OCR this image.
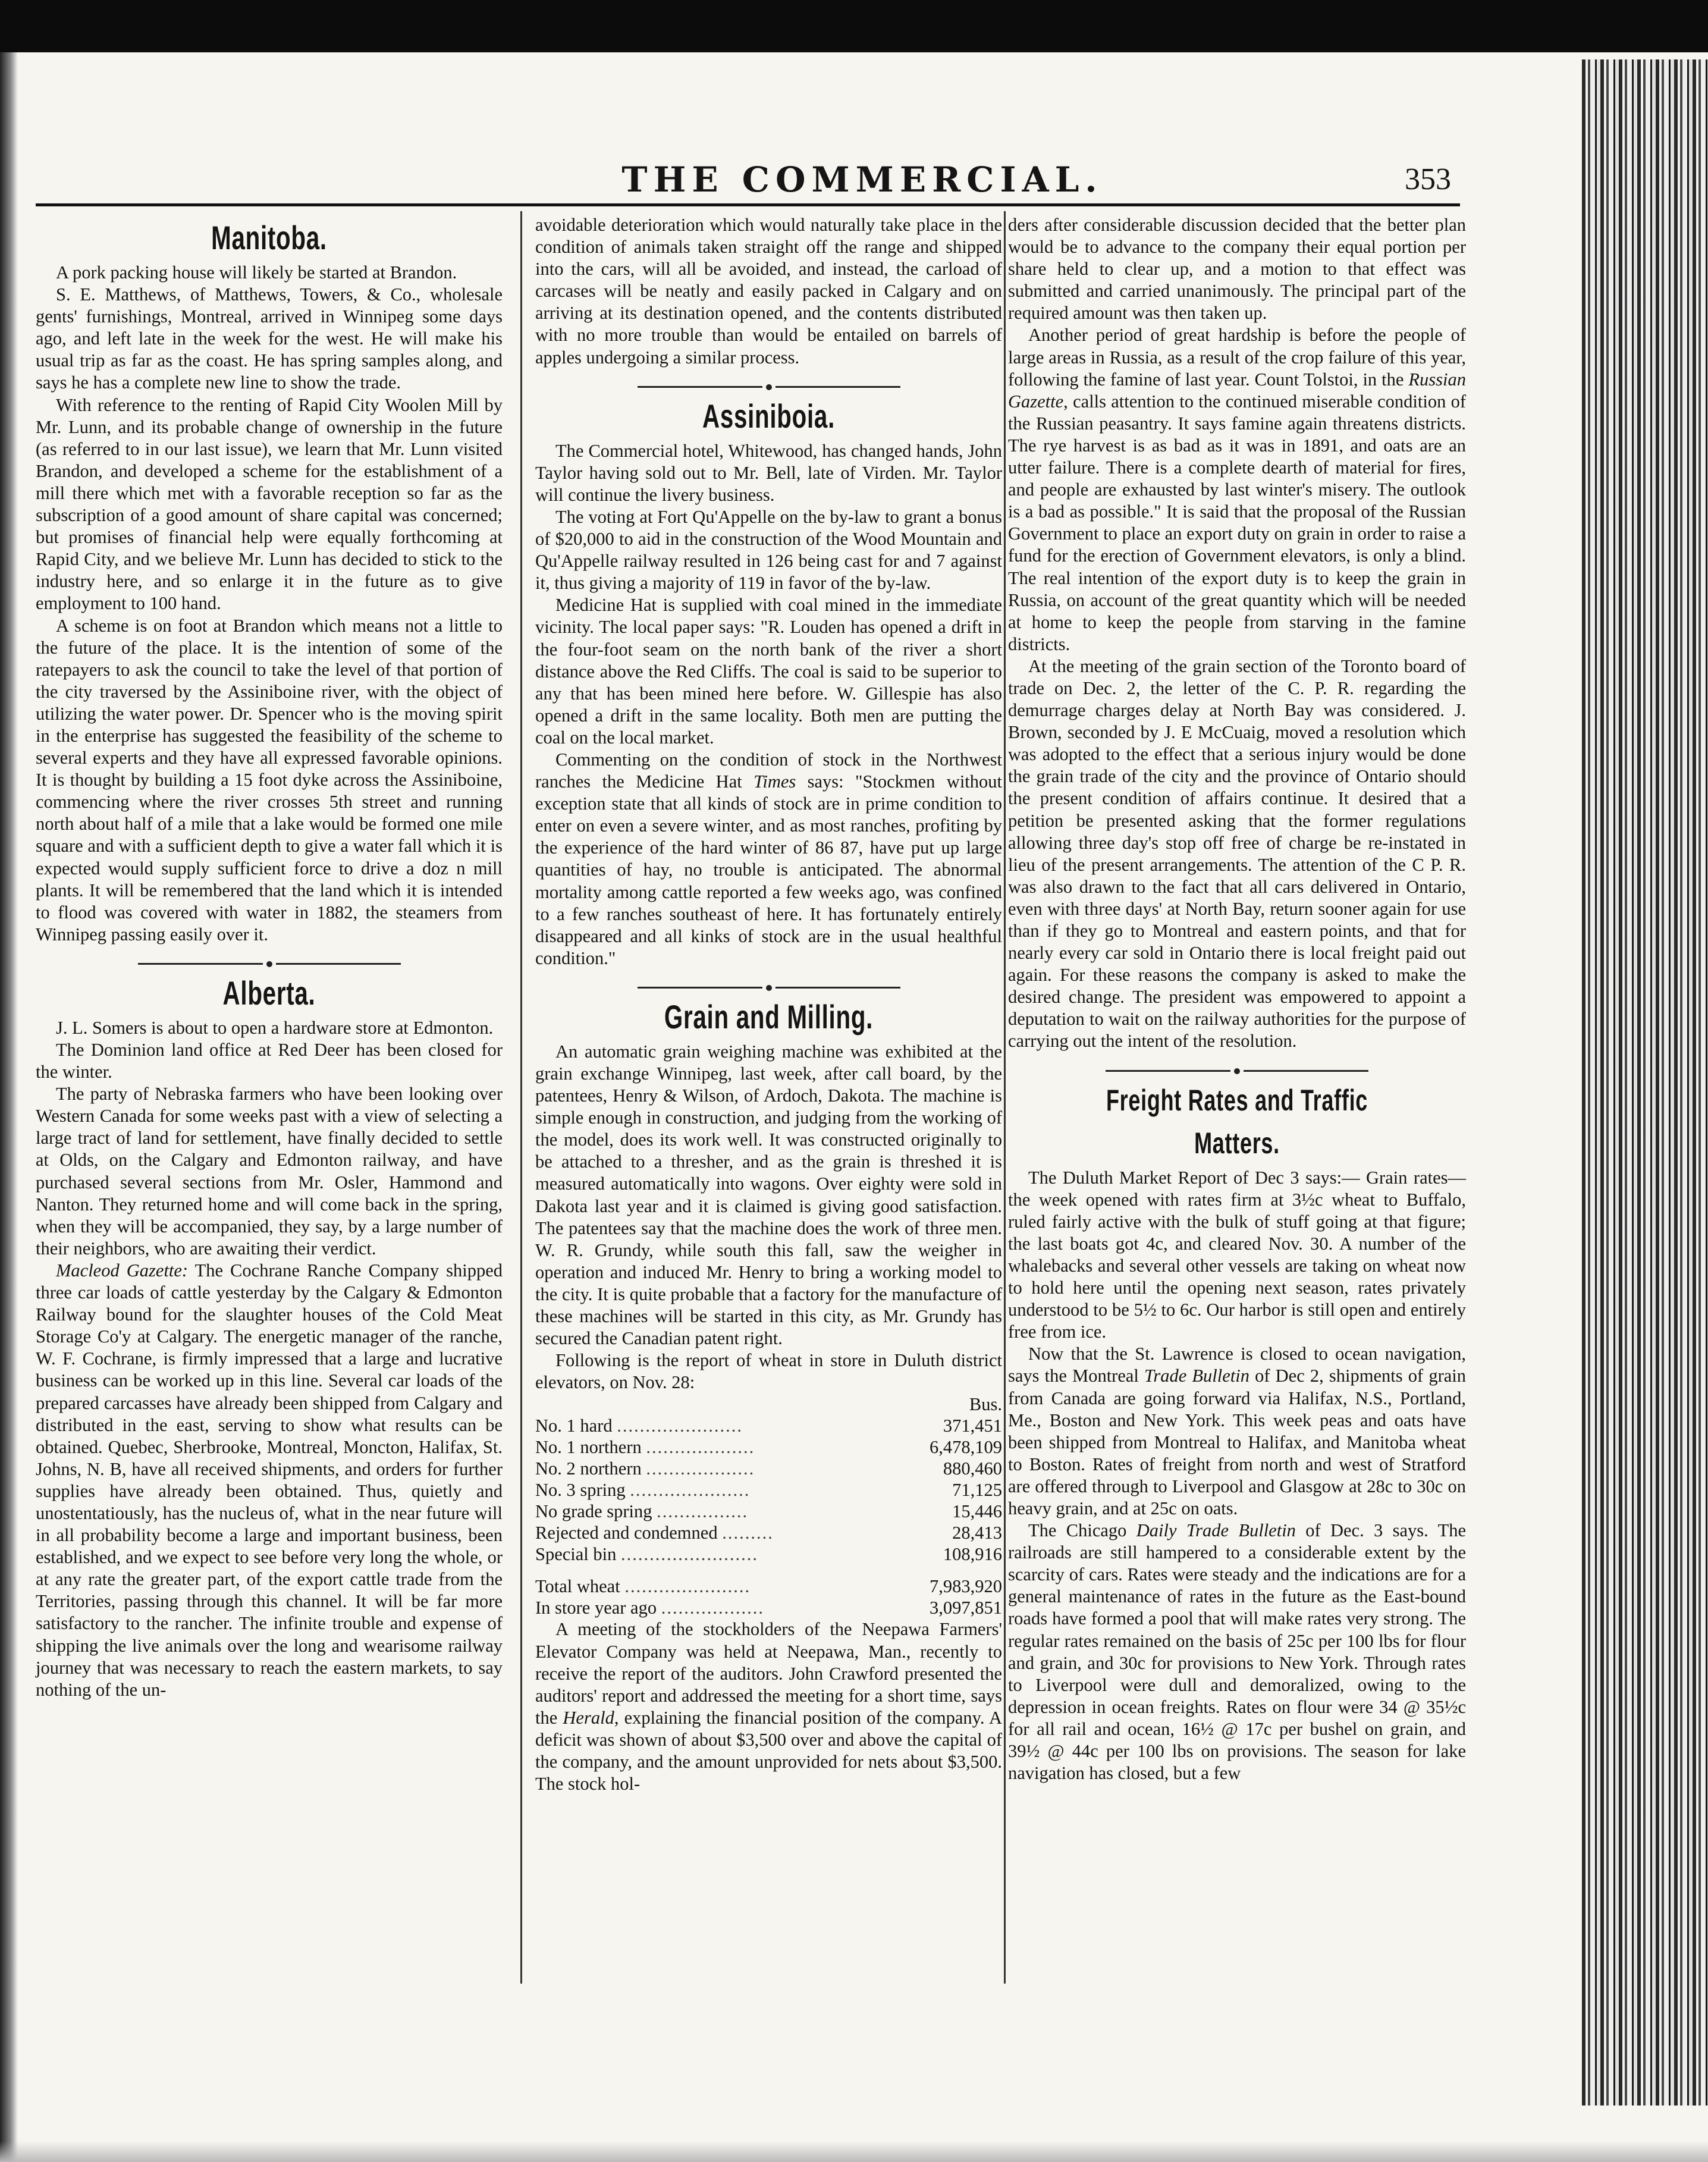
THE COMMERCIAL.	353
Manitoba.

A pork packing house will likely be started at Brandon.

S. E. Matthews, of Matthews, Towers, & Co., wholesale gents' furnishings, Montreal, arrived in Winnipeg some days ago, and left late in the week for the west. He will make his usual trip as far as the coast. He has spring samples along, and says he has a complete new line to show the trade.

With reference to the renting of Rapid City Woolen Mill by Mr. Lunn, and its probable change of ownership in the future (as referred to in our last issue), we learn that Mr. Lunn visited Brandon, and developed a scheme for the establishment of a mill there which met with a favorable reception so far as the subscription of a good amount of share capital was concerned; but promises of financial help were equally forthcoming at Rapid City, and we believe Mr. Lunn has decided to stick to the industry here, and so enlarge it in the future as to give employment to 100 hand.

A scheme is on foot at Brandon which means not a little to the future of the place. It is the intention of some of the ratepayers to ask the council to take the level of that portion of the city traversed by the Assiniboine river, with the object of utilizing the water power. Dr. Spencer who is the moving spirit in the enterprise has suggested the feasibility of the scheme to several experts and they have all expressed favorable opinions. It is thought by building a 15 foot dyke across the Assiniboine, commencing where the river crosses 5th street and running north about half of a mile that a lake would be formed one mile square and with a sufficient depth to give a water fall which it is expected would supply sufficient force to drive a doz n mill plants. It will be remembered that the land which it is intended to flood was covered with water in 1882, the steamers from Winnipeg passing easily over it.

Alberta.

J. L. Somers is about to open a hardware store at Edmonton.

The Dominion land office at Red Deer has been closed for the winter.

The party of Nebraska farmers who have been looking over Western Canada for some weeks past with a view of selecting a large tract of land for settlement, have finally decided to settle at Olds, on the Calgary and Edmonton railway, and have purchased several sections from Mr. Osler, Hammond and Nanton. They returned home and will come back in the spring, when they will be accompanied, they say, by a large number of their neighbors, who are awaiting their verdict.

Macleod Gazette: The Cochrane Ranche Company shipped three car loads of cattle yesterday by the Calgary & Edmonton Railway bound for the slaughter houses of the Cold Meat Storage Co'y at Calgary. The energetic manager of the ranche, W. F. Cochrane, is firmly impressed that a large and lucrative business can be worked up in this line. Several car loads of the prepared carcasses have already been shipped from Calgary and distributed in the east, serving to show what results can be obtained. Quebec, Sherbrooke, Montreal, Moncton, Halifax, St. Johns, N. B, have all received shipments, and orders for further supplies have already been obtained. Thus, quietly and unostentatiously, has the nucleus of, what in the near future will in all probability become a large and important business, been established, and we expect to see before very long the whole, or at any rate the greater part, of the export cattle trade from the Territories, passing through this channel. It will be far more satisfactory to the rancher. The infinite trouble and expense of shipping the live animals over the long and wearisome railway journey that was necessary to reach the eastern markets, to say nothing of the un-

avoidable deterioration which would naturally take place in the condition of animals taken straight off the range and shipped into the cars, will all be avoided, and instead, the carload of carcases will be neatly and easily packed in Calgary and on arriving at its destination opened, and the contents distributed with no more trouble than would be entailed on barrels of apples undergoing a similar process.

Assiniboia.

The Commercial hotel, Whitewood, has changed hands, John Taylor having sold out to Mr. Bell, late of Virden. Mr. Taylor will continue the livery business.

The voting at Fort Qu'Appelle on the by-law to grant a bonus of $20,000 to aid in the construction of the Wood Mountain and Qu'Appelle railway resulted in 126 being cast for and 7 against it, thus giving a majority of 119 in favor of the by-law.

Medicine Hat is supplied with coal mined in the immediate vicinity. The local paper says: "R. Louden has opened a drift in the four-foot seam on the north bank of the river a short distance above the Red Cliffs. The coal is said to be superior to any that has been mined here before. W. Gillespie has also opened a drift in the same locality. Both men are putting the coal on the local market.

Commenting on the condition of stock in the Northwest ranches the Medicine Hat Times says: "Stockmen without exception state that all kinds of stock are in prime condition to enter on even a severe winter, and as most ranches, profiting by the experience of the hard winter of 86 87, have put up large quantities of hay, no trouble is anticipated. The abnormal mortality among cattle reported a few weeks ago, was confined to a few ranches southeast of here. It has fortunately entirely disappeared and all kinks of stock are in the usual healthful condition."

Grain and Milling.

An automatic grain weighing machine was exhibited at the grain exchange Winnipeg, last week, after call board, by the patentees, Henry & Wilson, of Ardoch, Dakota. The machine is simple enough in construction, and judging from the working of the model, does its work well. It was constructed originally to be attached to a thresher, and as the grain is threshed it is measured automatically into wagons. Over eighty were sold in Dakota last year and it is claimed is giving good satisfaction. The patentees say that the machine does the work of three men. W. R. Grundy, while south this fall, saw the weigher in operation and induced Mr. Henry to bring a working model to the city. It is quite probable that a factory for the manufacture of these machines will be started in this city, as Mr. Grundy has secured the Canadian patent right.

Following is the report of wheat in store in Duluth district elevators, on Nov. 28:

	Bus.
No. 1 hard ......................	371,451
No. 1 northern ...................	6,478,109
No. 2 northern ...................	880,460
No. 3 spring .....................	71,125
No grade spring ................	15,446
Rejected and condemned .........	28,413
Special bin ........................	108,916

Total wheat ......................	7,983,920
In store year ago ..................	3,097,851

A meeting of the stockholders of the Neepawa Farmers' Elevator Company was held at Neepawa, Man., recently to receive the report of the auditors. John Crawford presented the auditors' report and addressed the meeting for a short time, says the Herald, explaining the financial position of the company. A deficit was shown of about $3,500 over and above the capital of the company, and the amount unprovided for nets about $3,500. The stock hol-

ders after considerable discussion decided that the better plan would be to advance to the company their equal portion per share held to clear up, and a motion to that effect was submitted and carried unanimously. The principal part of the required amount was then taken up.

Another period of great hardship is before the people of large areas in Russia, as a result of the crop failure of this year, following the famine of last year. Count Tolstoi, in the Russian Gazette, calls attention to the continued miserable condition of the Russian peasantry. It says famine again threatens districts. The rye harvest is as bad as it was in 1891, and oats are an utter failure. There is a complete dearth of material for fires, and people are exhausted by last winter's misery. The outlook is a bad as possible." It is said that the proposal of the Russian Government to place an export duty on grain in order to raise a fund for the erection of Government elevators, is only a blind. The real intention of the export duty is to keep the grain in Russia, on account of the great quantity which will be needed at home to keep the people from starving in the famine districts.

At the meeting of the grain section of the Toronto board of trade on Dec. 2, the letter of the C. P. R. regarding the demurrage charges delay at North Bay was considered. J. Brown, seconded by J. E McCuaig, moved a resolution which was adopted to the effect that a serious injury would be done the grain trade of the city and the province of Ontario should the present condition of affairs continue. It desired that a petition be presented asking that the former regulations allowing three day's stop off free of charge be re-instated in lieu of the present arrangements. The attention of the C P. R. was also drawn to the fact that all cars delivered in Ontario, even with three days' at North Bay, return sooner again for use than if they go to Montreal and eastern points, and that for nearly every car sold in Ontario there is local freight paid out again. For these reasons the company is asked to make the desired change. The president was empowered to appoint a deputation to wait on the railway authorities for the purpose of carrying out the intent of the resolution.

Freight Rates and Traffic Matters.

The Duluth Market Report of Dec 3 says:— Grain rates—the week opened with rates firm at 3½c wheat to Buffalo, ruled fairly active with the bulk of stuff going at that figure; the last boats got 4c, and cleared Nov. 30. A number of the whalebacks and several other vessels are taking on wheat now to hold here until the opening next season, rates privately understood to be 5½ to 6c. Our harbor is still open and entirely free from ice.

Now that the St. Lawrence is closed to ocean navigation, says the Montreal Trade Bulletin of Dec 2, shipments of grain from Canada are going forward via Halifax, N.S., Portland, Me., Boston and New York. This week peas and oats have been shipped from Montreal to Halifax, and Manitoba wheat to Boston. Rates of freight from north and west of Stratford are offered through to Liverpool and Glasgow at 28c to 30c on heavy grain, and at 25c on oats.

The Chicago Daily Trade Bulletin of Dec. 3 says. The railroads are still hampered to a considerable extent by the scarcity of cars. Rates were steady and the indications are for a general maintenance of rates in the future as the East-bound roads have formed a pool that will make rates very strong. The regular rates remained on the basis of 25c per 100 lbs for flour and grain, and 30c for provisions to New York. Through rates to Liverpool were dull and demoralized, owing to the depression in ocean freights. Rates on flour were 34 @ 35½c for all rail and ocean, 16½ @ 17c per bushel on grain, and 39½ @ 44c per 100 lbs on provisions. The season for lake navigation has closed, but a few
